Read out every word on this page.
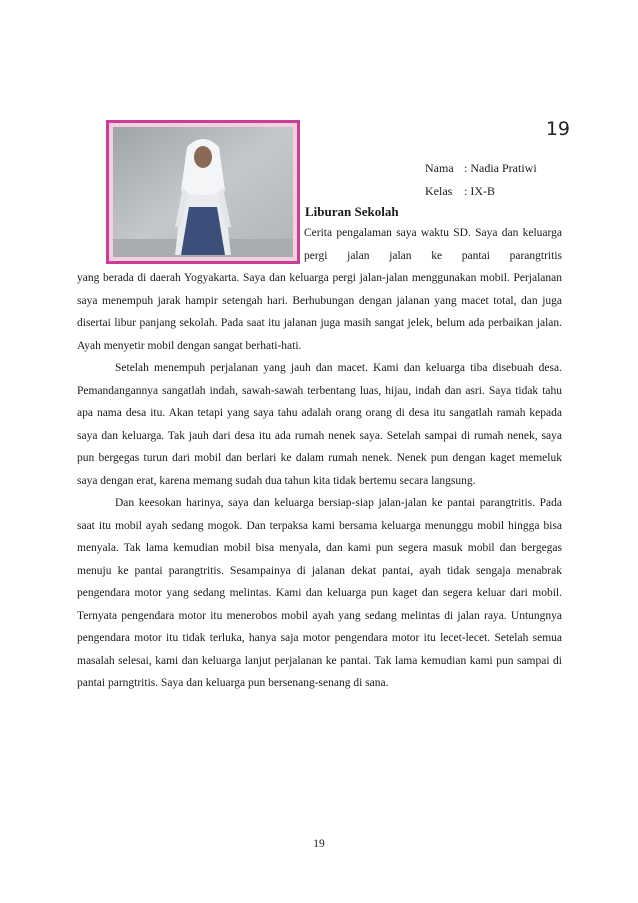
19
Nama : Nadia Pratiwi
Kelas : IX-B
Liburan Sekolah
Cerita pengalaman saya waktu SD. Saya dan keluarga pergi jalan jalan ke pantai parangtritis

yang berada di daerah Yogyakarta. Saya dan keluarga pergi jalan-jalan menggunakan mobil. Perjalanan saya menempuh jarak hampir setengah hari. Berhubungan dengan jalanan yang macet total, dan juga disertai libur panjang sekolah. Pada saat itu jalanan juga masih sangat jelek, belum ada perbaikan jalan. Ayah menyetir mobil dengan sangat berhati-hati.

Setelah menempuh perjalanan yang jauh dan macet. Kami dan keluarga tiba disebuah desa. Pemandangannya sangatlah indah, sawah-sawah terbentang luas, hijau, indah dan asri. Saya tidak tahu apa nama desa itu. Akan tetapi yang saya tahu adalah orang orang di desa itu sangatlah ramah kepada saya dan keluarga. Tak jauh dari desa itu ada rumah nenek saya. Setelah sampai di rumah nenek, saya pun bergegas turun dari mobil dan berlari ke dalam rumah nenek. Nenek pun dengan kaget memeluk saya dengan erat, karena memang sudah dua tahun kita tidak bertemu secara langsung.

Dan keesokan harinya, saya dan keluarga bersiap-siap jalan-jalan ke pantai parangtritis. Pada saat itu mobil ayah sedang mogok. Dan terpaksa kami bersama keluarga menunggu mobil hingga bisa menyala. Tak lama kemudian mobil bisa menyala, dan kami pun segera masuk mobil dan bergegas menuju ke pantai parangtritis. Sesampainya di jalanan dekat pantai, ayah tidak sengaja menabrak pengendara motor yang sedang melintas. Kami dan keluarga pun kaget dan segera keluar dari mobil. Ternyata pengendara motor itu menerobos mobil ayah yang sedang melintas di jalan raya. Untungnya pengendara motor itu tidak terluka, hanya saja motor pengendara motor itu lecet-lecet. Setelah semua masalah selesai, kami dan keluarga lanjut perjalanan ke pantai. Tak lama kemudian kami pun sampai di pantai parngtritis. Saya dan keluarga pun bersenang-senang di sana.

19
